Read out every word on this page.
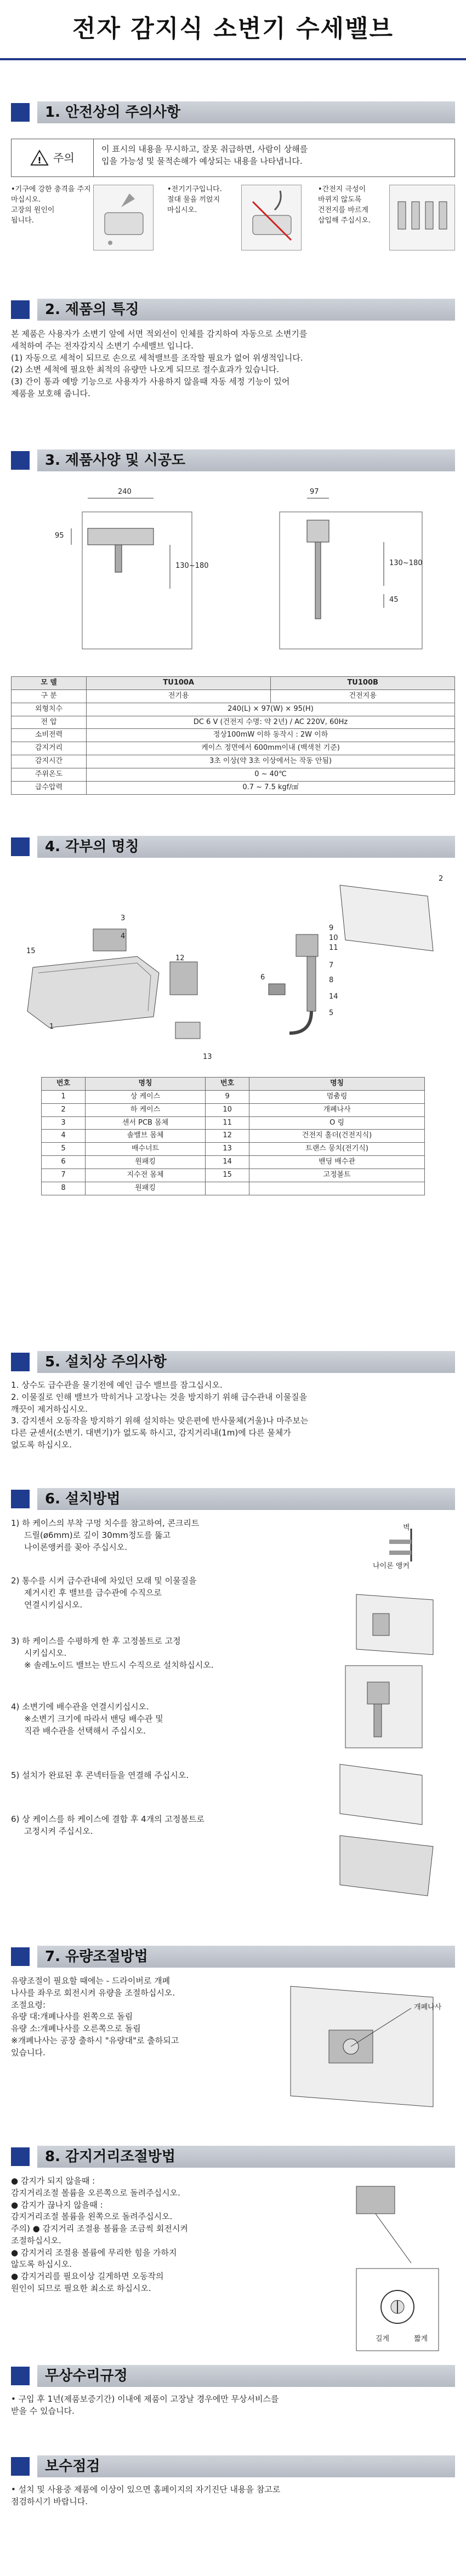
전자 감지식 소변기 수세밸브
1. 안전상의 주의사항
! 주의
이 표시의 내용을 무시하고, 잘못 취급하면, 사람이 상해를
입을 가능성 및 물적손해가 예상되는 내용을 나타냅니다.
•기구에 강한 충격을 주지
마십시오.
고장의 원인이
됩니다.
•전기기구입니다.
절대 물을 끼얹지
마십시오.
•간전지 극성이
바뀌지 않도록
건전지를 바르게
삽입해 주십시오.
2. 제품의 특징
본 제품은 사용자가 소변기 앞에 서면 적외선이 인체를 감지하여 자동으로 소변기를
세척하여 주는 전자감지식 소변기 수세밸브 입니다.
(1) 자동으로 세척이 되므로 손으로 세척밸브를 조작할 필요가 없어 위생적입니다.
(2) 소변 세척에 필요한 최적의 유량만 나오게 되므로 절수효과가 있습니다.
(3) 간이 통과 예방 기능으로 사용자가 사용하지 않을때 자동 세정 기능이 있어
제품을 보호해 줍니다.
3. 제품사양 및 시공도
240
95
130~180
97
130~180
45
모 델	TU100A	TU100B
구 분	전기용	건전지용
외형치수	240(L) × 97(W) × 95(H)	
전 압	DC 6 V (건전지 수명: 약 2년) / AC 220V, 60Hz	
소비전력	정상100mW 이하 동작시 : 2W 이하	
감지거리	케이스 정면에서 600mm이내 (백색천 기준)	
감지시간	3초 이상(약 3초 이상에서는 작동 안됨)	
주위온도	0 ~ 40℃	
급수압력	0.7 ~ 7.5 kgf/㎠	
4. 각부의 명칭
15
1
3
4
12
13
2
9
10
11
7
8
14
5
6
번호	명칭	번호	명칭
1	상 케이스	9	멈춤링
2	하 케이스	10	개폐나사
3	센서 PCB 몸체	11	O 링
4	솔밸브 몸체	12	건전지 홀더(건전지식)
5	배수너트	13	트랜스 뭉치(전기식)
6	원패킹	14	밴딩 배수관
7	지수전 몸체	15	고정볼트
8	원패킹		
5. 설치상 주의사항
1. 상수도 급수관을 물기전에 예인 급수 밸브를 잠그십시오.
2. 이물질로 인해 밸브가 막히거나 고장나는 것을 방지하기 위해 급수관내 이물질을
깨끗이 제거하십시오.
3. 감지센서 오동작을 방지하기 위해 설치하는 맞은편에 반사물체(거울)나 마주보는
다른 균센서(소변기. 대변기)가 없도록 하시고, 감지거리내(1m)에 다른 물체가
없도록 하십시오.
6. 설치방법
1) 하 케이스의 부착 구멍 치수를 참고하여, 콘크리트
드릴(ø6mm)로 깊이 30mm정도를 뚫고
나이론앵커를 꽂아 주십시오.
2) 통수를 시켜 급수관내에 차있던 모래 및 이물질을
제거시킨 후 밸브를 급수관에 수직으로
연결시키십시오.
3) 하 케이스를 수평하게 한 후 고정볼트로 고정
시키십시오.
※ 솔레노이드 밸브는 반드시 수직으로 설치하십시오.
4) 소변기에 배수관을 연결시키십시오.
※소변기 크기에 따라서 밴딩 배수관 및
직관 배수관을 선택해서 주십시오.
5) 설치가 완료된 후 콘넥터들을 연결해 주십시오.
6) 상 케이스를 하 케이스에 결합 후 4개의 고정볼트로
고정시켜 주십시오.
벽
나이론 앵커
7. 유량조절방법
유량조절이 필요할 때에는 - 드라이버로 개폐
나사를 좌우로 회전시켜 유량을 조절하십시오.
조절요령:
유량 대:개폐나사를 왼쪽으로 돌림
유량 소:개폐나사를 오른쪽으로 돌림
※개폐나사는 공장 출하시 "유량대"로 출하되고
있습니다.
개폐나사
8. 감지거리조절방법
● 감지가 되지 않을때 :
감지거리조절 볼륨을 오른쪽으로 돌려주십시오.
● 감지가 끊나지 않을때 :
감지거리조절 볼륨을 왼쪽으로 돌려주십시오.
주의) ● 감지거리 조절용 볼륨을 조금씩 회전시켜
조절하십시오.
● 감지거리 조절용 볼륨에 무리한 힘을 가하지
않도록 하십시오.
● 감지거리를 필요이상 길게하면 오동작의
원인이 되므로 필요한 최소로 하십시오.
길게	짧게
무상수리규정
• 구입 후 1년(제품보증기간) 이내에 제품이 고장날 경우에만 무상서비스를
받을 수 있습니다.
보수점검
• 설치 및 사용중 제품에 이상이 있으면 홈페이지의 자기진단 내용을 참고로
점검하시기 바랍니다.
